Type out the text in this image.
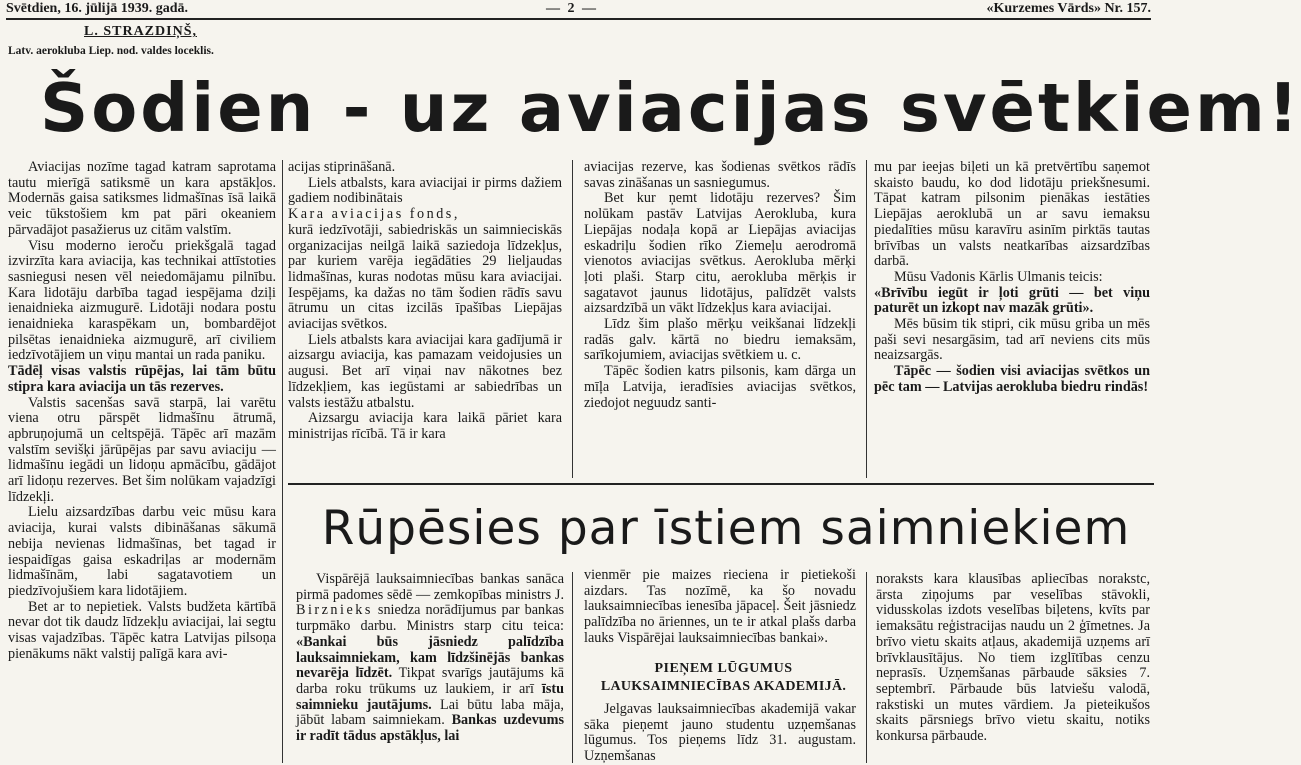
Svētdien, 16. jūlijā 1939. gadā.	— 2 —	«Kurzemes Vārds» Nr. 157.
L. STRAZDIŅŠ,
Latv. aerokluba Liep. nod. valdes loceklis.
Šodien - uz aviacijas svētkiem!

Aviacijas nozīme tagad katram saprotama tautu mierīgā satiksmē un kara apstākļos. Modernās gaisa satiksmes lidmašīnas īsā laikā veic tūkstošiem km pat pāri okeaniem pārvadājot pasažierus uz citām valstīm.

Visu moderno ieroču priekšgalā tagad izvirzīta kara aviacija, kas technikai attīstoties sasniegusi nesen vēl neiedomājamu pilnību. Kara lidotāju darbība tagad iespējama dziļi ienaidnieka aizmugurē. Lidotāji nodara postu ienaidnieka karaspēkam un, bombardējot pilsētas ienaidnieka aizmugurē, arī civiliem iedzīvotājiem un viņu mantai un rada paniku.

Tādēļ visas valstis rūpējas, lai tām būtu stipra kara aviacija un tās rezerves.

Valstis sacenšas savā starpā, lai varētu viena otru pārspēt lidmašīnu ātrumā, apbruņojumā un celtspējā. Tāpēc arī mazām valstīm sevišķi jārūpējas par savu aviaciju — lidmašīnu iegādi un lidoņu apmācību, gādājot arī lidoņu rezerves. Bet šim nolūkam vajadzīgi līdzekļi.

Lielu aizsardzības darbu veic mūsu kara aviacija, kurai valsts dibināšanas sākumā nebija nevienas lidmašīnas, bet tagad ir iespaidīgas gaisa eskadriļas ar modernām lidmašīnām, labi sagatavotiem un piedzīvojušiem kara lidotājiem.

Bet ar to nepietiek. Valsts budžeta kārtībā nevar dot tik daudz līdzekļu aviacijai, lai segtu visas vajadzības. Tāpēc katra Latvijas pilsoņa pienākums nākt valstij palīgā kara avi-

acijas stiprināšanā.

Liels atbalsts, kara aviacijai ir pirms dažiem gadiem nodibinātais

Kara aviacijas fonds,

kurā iedzīvotāji, sabiedriskās un saimnieciskās organizacijas neilgā laikā saziedoja līdzekļus, par kuriem varēja iegādāties 29 lieljaudas lidmašīnas, kuras nodotas mūsu kara aviacijai. Iespējams, ka dažas no tām šodien rādīs savu ātrumu un citas izcilās īpašības Liepājas aviacijas svētkos.

Liels atbalsts kara aviacijai kara gadījumā ir aizsargu aviacija, kas pamazam veidojusies un augusi. Bet arī viņai nav nākotnes bez līdzekļiem, kas iegūstami ar sabiedrības un valsts iestāžu atbalstu.

Aizsargu aviacija kara laikā pāriet kara ministrijas rīcībā. Tā ir kara

aviacijas rezerve, kas šodienas svētkos rādīs savas zināšanas un sasniegumus.

Bet kur ņemt lidotāju rezerves? Šim nolūkam pastāv Latvijas Aerokluba, kura Liepājas nodaļa kopā ar Liepājas aviacijas eskadriļu šodien rīko Ziemeļu aerodromā vienotos aviacijas svētkus. Aerokluba mērķi ļoti plaši. Starp citu, aerokluba mērķis ir sagatavot jaunus lidotājus, palīdzēt valsts aizsardzībā un vākt līdzekļus kara aviacijai.

Līdz šim plašo mērķu veikšanai līdzekļi radās galv. kārtā no biedru iemaksām, sarīkojumiem, aviacijas svētkiem u. c.

Tāpēc šodien katrs pilsonis, kam dārga un mīļa Latvija, ieradīsies aviacijas svētkos, ziedojot neguudz santi-

mu par ieejas biļeti un kā pretvērtību saņemot skaisto baudu, ko dod lidotāju priekšnesumi. Tāpat katram pilsonim pienākas iestāties Liepājas aeroklubā un ar savu iemaksu piedalīties mūsu karavīru asinīm pirktās tautas brīvības un valsts neatkarības aizsardzības darbā.

Mūsu Vadonis Kārlis Ulmanis teicis:

«Brīvību iegūt ir ļoti grūti — bet viņu paturēt un izkopt nav mazāk grūti».

Mēs būsim tik stipri, cik mūsu griba un mēs paši sevi nesargāsim, tad arī neviens cits mūs neaizsargās.

Tāpēc — šodien visi aviacijas svētkos un pēc tam — Latvijas aerokluba biedru rindās!

Rūpēsies par īstiem saimniekiem

Vispārējā lauksaimniecības bankas sanāca pirmā padomes sēdē — zemkopības ministrs J. Birznieks sniedza norādījumus par bankas turpmāko darbu. Ministrs starp citu teica: «Bankai būs jāsniedz palīdzība lauksaimniekam, kam līdzšinējās bankas nevarēja līdzēt. Tikpat svarīgs jautājums kā darba roku trūkums uz laukiem, ir arī īstu saimnieku jautājums. Lai būtu laba māja, jābūt labam saimniekam. Bankas uzdevums ir radīt tādus apstākļus, lai

vienmēr pie maizes rieciena ir pietiekoši aizdars. Tas nozīmē, ka šo novadu lauksaimniecības ienesība jāpaceļ. Šeit jāsniedz palīdzība no āriennes, un te ir atkal plašs darba lauks Vispārējai lauksaimniecības bankai».

PIEŅEM LŪGUMUS
LAUKSAIMNIECĪBAS AKADEMIJĀ.

Jelgavas lauksaimniecības akademijā vakar sāka pieņemt jauno studentu uzņemšanas lūgumus. Tos pieņems līdz 31. augustam. Uzņemšanas

noraksts kara klausības apliecības norakstс, ārsta ziņojums par veselības stāvokli, vidusskolas izdots veselības biļetens, kvīts par iemaksātu reģistracijas naudu un 2 ģīmetnes. Ja brīvo vietu skaits atļaus, akademijā uzņems arī brīvklausītājus. No tiem izglītības cenzu neprasīs. Uzņemšanas pārbaude sāksies 7. septembrī. Pārbaude būs latviešu valodā, rakstiski un mutes vārdiem. Ja pieteikušos skaits pārsniegs brīvo vietu skaitu, notiks konkursa pārbaude.
